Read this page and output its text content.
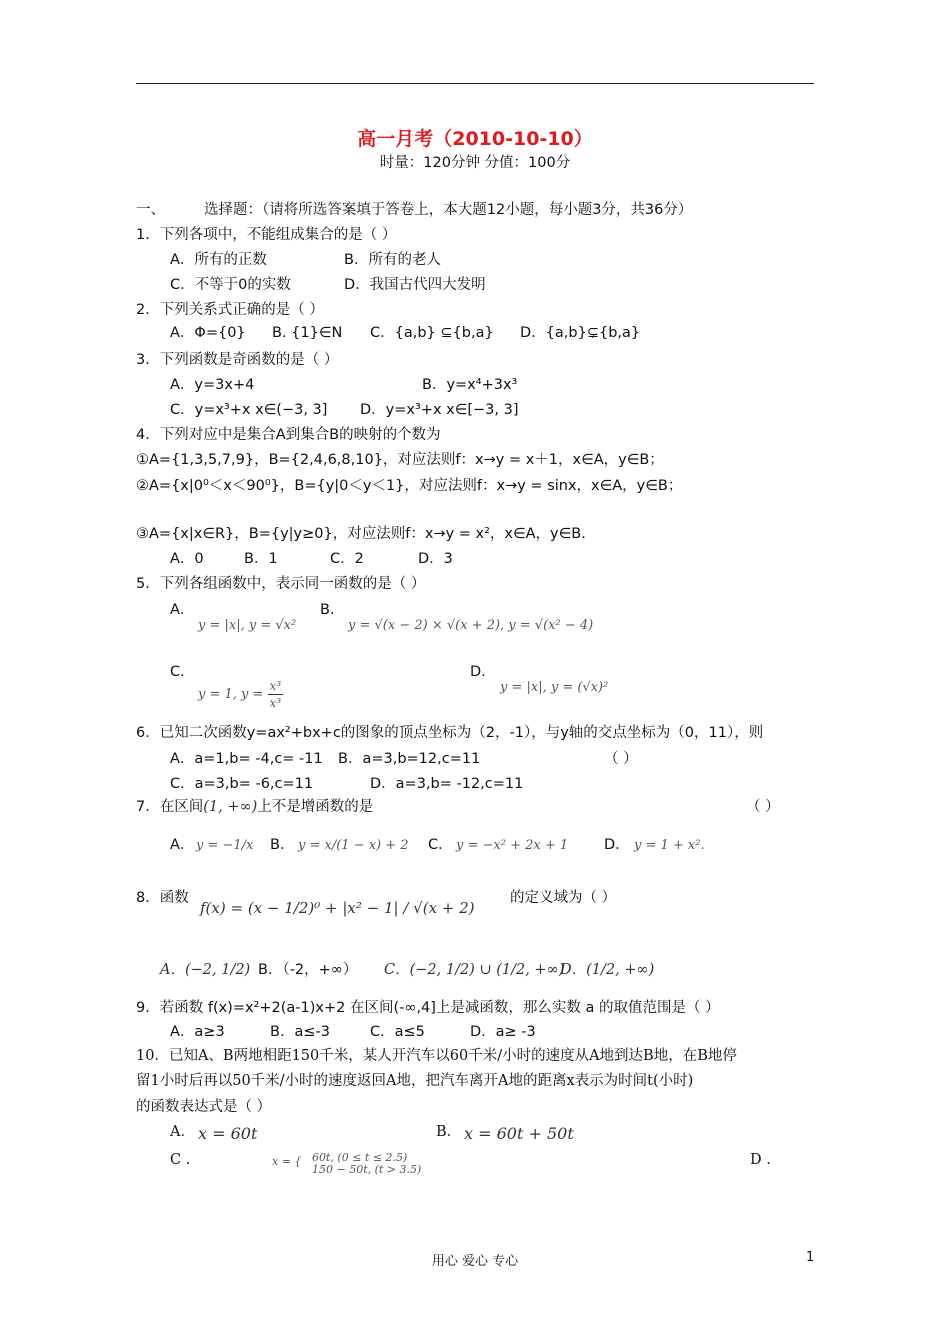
高一月考（2010-10-10）
时量：120分钟 分值：100分
一、	选择题：（请将所选答案填于答卷上，本大题12小题，每小题3分，共36分）
1．下列各项中，不能组成集合的是（ ）
A．所有的正数	B．所有的老人
C．不等于0的实数	D．我国古代四大发明
2．下列关系式正确的是（ ）
A．Φ={0} B. {1}∈N C．{a,b} ⊆{b,a} D．{a,b}⊊{b,a}
3．下列函数是奇函数的是（ ）
A．y=3x+4	B．y=x⁴+3x³
C．y=x³+x x∈(−3, 3] D．y=x³+x x∈[−3, 3]
4．下列对应中是集合A到集合B的映射的个数为
①A={1,3,5,7,9}，B={2,4,6,8,10}，对应法则f：x→y = x＋1，x∈A，y∈B；
②A={x|0⁰＜x＜90⁰}，B={y|0＜y＜1}，对应法则f：x→y = sinx，x∈A，y∈B；
③A={x|x∈R}，B={y|y≥0}，对应法则f：x→y = x²，x∈A，y∈B.
A．0	B．1	C．2	D．3
5．下列各组函数中，表示同一函数的是（ ）
A．
y = |x|, y = √x²
B．
y = √(x − 2) × √(x + 2), y = √(x² − 4)
C．
y = 1, $y = \frac{\text{x³}}{\text{x³}}$
D．
y = |x|, y = (√x)²
6．已知二次函数y=ax²+bx+c的图象的顶点坐标为（2，-1），与y轴的交点坐标为（0，11），则
A．a=1,b= -4,c= -11 B．a=3,b=12,c=11	（ ）
C．a=3,b= -6,c=11	D．a=3,b= -12,c=11
7．在区间(1, +∞)上不是增函数的是	（ ）
A． y = −1/x B． y = x/(1 − x) + 2 C． y = −x² + 2x + 1 D． y = 1 + x².
8．函数
f(x) = (x − 1/2)⁰ + |x² − 1| / √(x + 2)
的定义域为（ ）
A．(−2, 1/2) B．（-2，+∞） C．(−2, 1/2) ∪ (1/2, +∞)
D．(1/2, +∞)
9．若函数 f(x)=x²+2(a-1)x+2 在区间(-∞,4]上是减函数，那么实数 a 的取值范围是（ ）
A．a≥3	B．a≤-3	C．a≤5	D．a≥ -3
10．已知A、B两地相距150千米，某人开汽车以60千米/小时的速度从A地到达B地，在B地停
留1小时后再以50千米/小时的速度返回A地，把汽车离开A地的距离x表示为时间t(小时)
的函数表达式是（ ）
A． x = 60t	B． x = 60t + 50t
C .	x = { 60t, (0 ≤ t ≤ 2.5)
150 − 50t, (t > 3.5)
D .
用心 爱心 专心	1
